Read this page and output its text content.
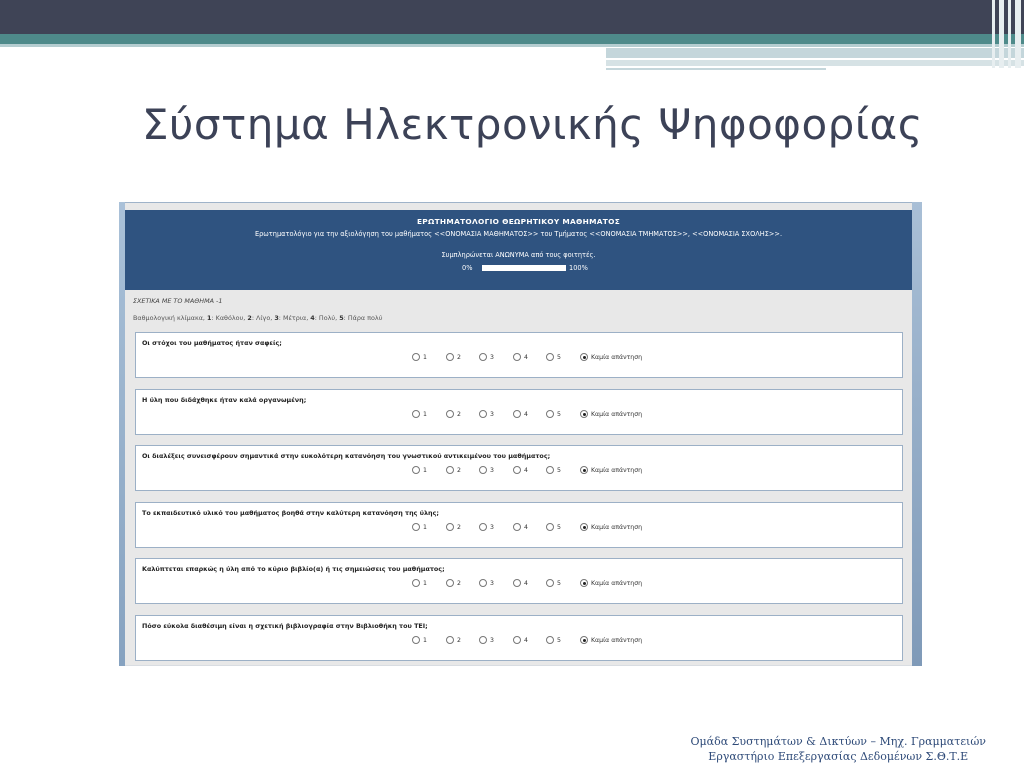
Σύστημα Ηλεκτρονικής Ψηφοφορίας
ΕΡΩΤΗΜΑΤΟΛΟΓΙΟ ΘΕΩΡΗΤΙΚΟΥ ΜΑΘΗΜΑΤΟΣ
Ερωτηματολόγιο για την αξιολόγηση του μαθήματος <<ΟΝΟΜΑΣΙΑ ΜΑΘΗΜΑΤΟΣ>> του Τμήματος <<ΟΝΟΜΑΣΙΑ ΤΜΗΜΑΤΟΣ>>, <<ΟΝΟΜΑΣΙΑ ΣΧΟΛΗΣ>>.
Συμπληρώνεται ΑΝΩΝΥΜΑ από τους φοιτητές.
0%	100%
ΣΧΕΤΙΚΑ ΜΕ ΤΟ ΜΑΘΗΜΑ -1
Βαθμολογική κλίμακα, 1: Καθόλου, 2: Λίγο, 3: Μέτρια, 4: Πολύ, 5: Πάρα πολύ
Οι στόχοι του μαθήματος ήταν σαφείς;
1	2	3	4	5	Καμία απάντηση
Η ύλη που διδάχθηκε ήταν καλά οργανωμένη;
1	2	3	4	5	Καμία απάντηση
Οι διαλέξεις συνεισφέρουν σημαντικά στην ευκολότερη κατανόηση του γνωστικού αντικειμένου του μαθήματος;
1	2	3	4	5	Καμία απάντηση
Το εκπαιδευτικό υλικό του μαθήματος βοηθά στην καλύτερη κατανόηση της ύλης;
1	2	3	4	5	Καμία απάντηση
Καλύπτεται επαρκώς η ύλη από το κύριο βιβλίο(α) ή τις σημειώσεις του μαθήματος;
1	2	3	4	5	Καμία απάντηση
Πόσο εύκολα διαθέσιμη είναι η σχετική βιβλιογραφία στην Βιβλιοθήκη του ΤΕΙ;
1	2	3	4	5	Καμία απάντηση
Ομάδα Συστημάτων & Δικτύων – Μηχ. Γραμματειών
Εργαστήριο Επεξεργασίας Δεδομένων Σ.Θ.Τ.Ε
